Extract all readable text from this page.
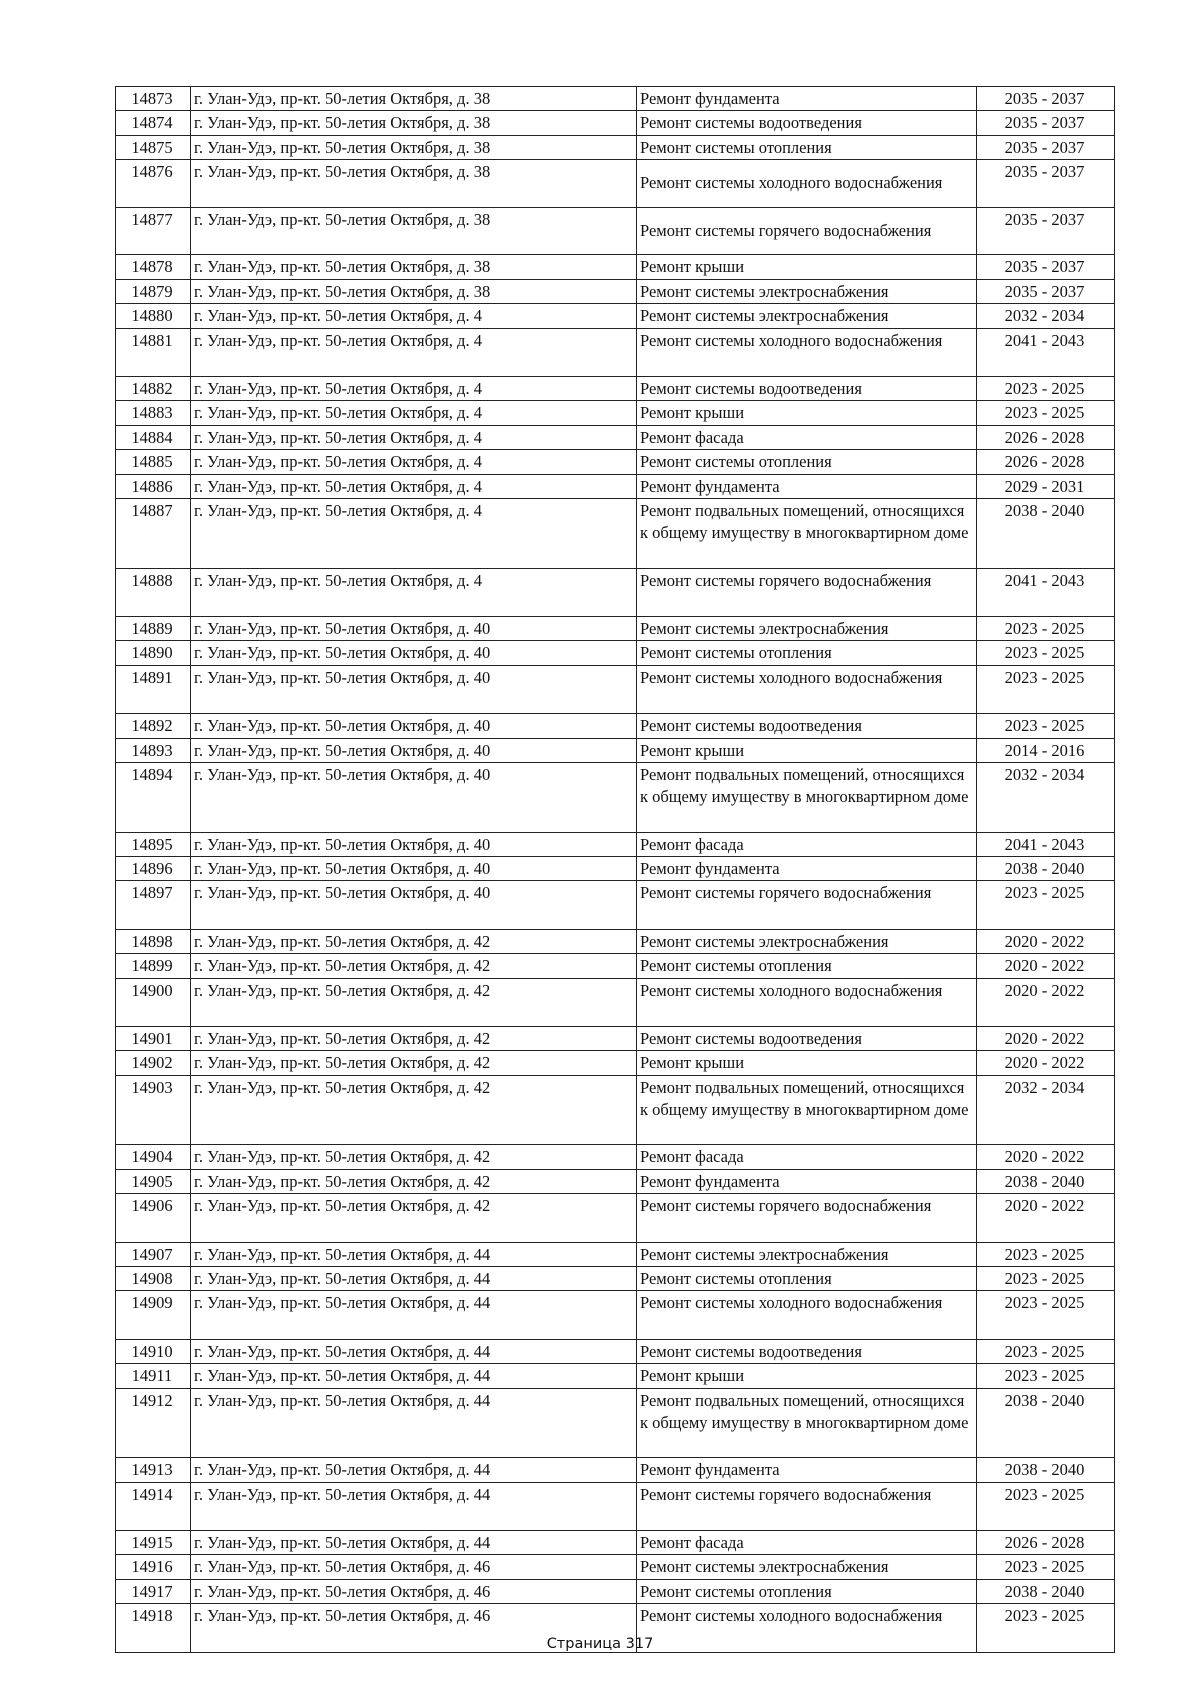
14873	г. Улан-Удэ, пр-кт. 50-летия Октября, д. 38	Ремонт фундамента	2035 - 2037
14874	г. Улан-Удэ, пр-кт. 50-летия Октября, д. 38	Ремонт системы водоотведения	2035 - 2037
14875	г. Улан-Удэ, пр-кт. 50-летия Октября, д. 38	Ремонт системы отопления	2035 - 2037
14876	г. Улан-Удэ, пр-кт. 50-летия Октября, д. 38	Ремонт системы холодного водоснабжения	2035 - 2037
14877	г. Улан-Удэ, пр-кт. 50-летия Октября, д. 38	Ремонт системы горячего водоснабжения	2035 - 2037
14878	г. Улан-Удэ, пр-кт. 50-летия Октября, д. 38	Ремонт крыши	2035 - 2037
14879	г. Улан-Удэ, пр-кт. 50-летия Октября, д. 38	Ремонт системы электроснабжения	2035 - 2037
14880	г. Улан-Удэ, пр-кт. 50-летия Октября, д. 4	Ремонт системы электроснабжения	2032 - 2034
14881	г. Улан-Удэ, пр-кт. 50-летия Октября, д. 4	Ремонт системы холодного водоснабжения	2041 - 2043
14882	г. Улан-Удэ, пр-кт. 50-летия Октября, д. 4	Ремонт системы водоотведения	2023 - 2025
14883	г. Улан-Удэ, пр-кт. 50-летия Октября, д. 4	Ремонт крыши	2023 - 2025
14884	г. Улан-Удэ, пр-кт. 50-летия Октября, д. 4	Ремонт фасада	2026 - 2028
14885	г. Улан-Удэ, пр-кт. 50-летия Октября, д. 4	Ремонт системы отопления	2026 - 2028
14886	г. Улан-Удэ, пр-кт. 50-летия Октября, д. 4	Ремонт фундамента	2029 - 2031
14887	г. Улан-Удэ, пр-кт. 50-летия Октября, д. 4	Ремонт подвальных помещений, относящихся к общему имуществу в многоквартирном доме	2038 - 2040
14888	г. Улан-Удэ, пр-кт. 50-летия Октября, д. 4	Ремонт системы горячего водоснабжения	2041 - 2043
14889	г. Улан-Удэ, пр-кт. 50-летия Октября, д. 40	Ремонт системы электроснабжения	2023 - 2025
14890	г. Улан-Удэ, пр-кт. 50-летия Октября, д. 40	Ремонт системы отопления	2023 - 2025
14891	г. Улан-Удэ, пр-кт. 50-летия Октября, д. 40	Ремонт системы холодного водоснабжения	2023 - 2025
14892	г. Улан-Удэ, пр-кт. 50-летия Октября, д. 40	Ремонт системы водоотведения	2023 - 2025
14893	г. Улан-Удэ, пр-кт. 50-летия Октября, д. 40	Ремонт крыши	2014 - 2016
14894	г. Улан-Удэ, пр-кт. 50-летия Октября, д. 40	Ремонт подвальных помещений, относящихся к общему имуществу в многоквартирном доме	2032 - 2034
14895	г. Улан-Удэ, пр-кт. 50-летия Октября, д. 40	Ремонт фасада	2041 - 2043
14896	г. Улан-Удэ, пр-кт. 50-летия Октября, д. 40	Ремонт фундамента	2038 - 2040
14897	г. Улан-Удэ, пр-кт. 50-летия Октября, д. 40	Ремонт системы горячего водоснабжения	2023 - 2025
14898	г. Улан-Удэ, пр-кт. 50-летия Октября, д. 42	Ремонт системы электроснабжения	2020 - 2022
14899	г. Улан-Удэ, пр-кт. 50-летия Октября, д. 42	Ремонт системы отопления	2020 - 2022
14900	г. Улан-Удэ, пр-кт. 50-летия Октября, д. 42	Ремонт системы холодного водоснабжения	2020 - 2022
14901	г. Улан-Удэ, пр-кт. 50-летия Октября, д. 42	Ремонт системы водоотведения	2020 - 2022
14902	г. Улан-Удэ, пр-кт. 50-летия Октября, д. 42	Ремонт крыши	2020 - 2022
14903	г. Улан-Удэ, пр-кт. 50-летия Октября, д. 42	Ремонт подвальных помещений, относящихся к общему имуществу в многоквартирном доме	2032 - 2034
14904	г. Улан-Удэ, пр-кт. 50-летия Октября, д. 42	Ремонт фасада	2020 - 2022
14905	г. Улан-Удэ, пр-кт. 50-летия Октября, д. 42	Ремонт фундамента	2038 - 2040
14906	г. Улан-Удэ, пр-кт. 50-летия Октября, д. 42	Ремонт системы горячего водоснабжения	2020 - 2022
14907	г. Улан-Удэ, пр-кт. 50-летия Октября, д. 44	Ремонт системы электроснабжения	2023 - 2025
14908	г. Улан-Удэ, пр-кт. 50-летия Октября, д. 44	Ремонт системы отопления	2023 - 2025
14909	г. Улан-Удэ, пр-кт. 50-летия Октября, д. 44	Ремонт системы холодного водоснабжения	2023 - 2025
14910	г. Улан-Удэ, пр-кт. 50-летия Октября, д. 44	Ремонт системы водоотведения	2023 - 2025
14911	г. Улан-Удэ, пр-кт. 50-летия Октября, д. 44	Ремонт крыши	2023 - 2025
14912	г. Улан-Удэ, пр-кт. 50-летия Октября, д. 44	Ремонт подвальных помещений, относящихся к общему имуществу в многоквартирном доме	2038 - 2040
14913	г. Улан-Удэ, пр-кт. 50-летия Октября, д. 44	Ремонт фундамента	2038 - 2040
14914	г. Улан-Удэ, пр-кт. 50-летия Октября, д. 44	Ремонт системы горячего водоснабжения	2023 - 2025
14915	г. Улан-Удэ, пр-кт. 50-летия Октября, д. 44	Ремонт фасада	2026 - 2028
14916	г. Улан-Удэ, пр-кт. 50-летия Октября, д. 46	Ремонт системы электроснабжения	2023 - 2025
14917	г. Улан-Удэ, пр-кт. 50-летия Октября, д. 46	Ремонт системы отопления	2038 - 2040
14918	г. Улан-Удэ, пр-кт. 50-летия Октября, д. 46	Ремонт системы холодного водоснабжения	2023 - 2025
Страница 317
